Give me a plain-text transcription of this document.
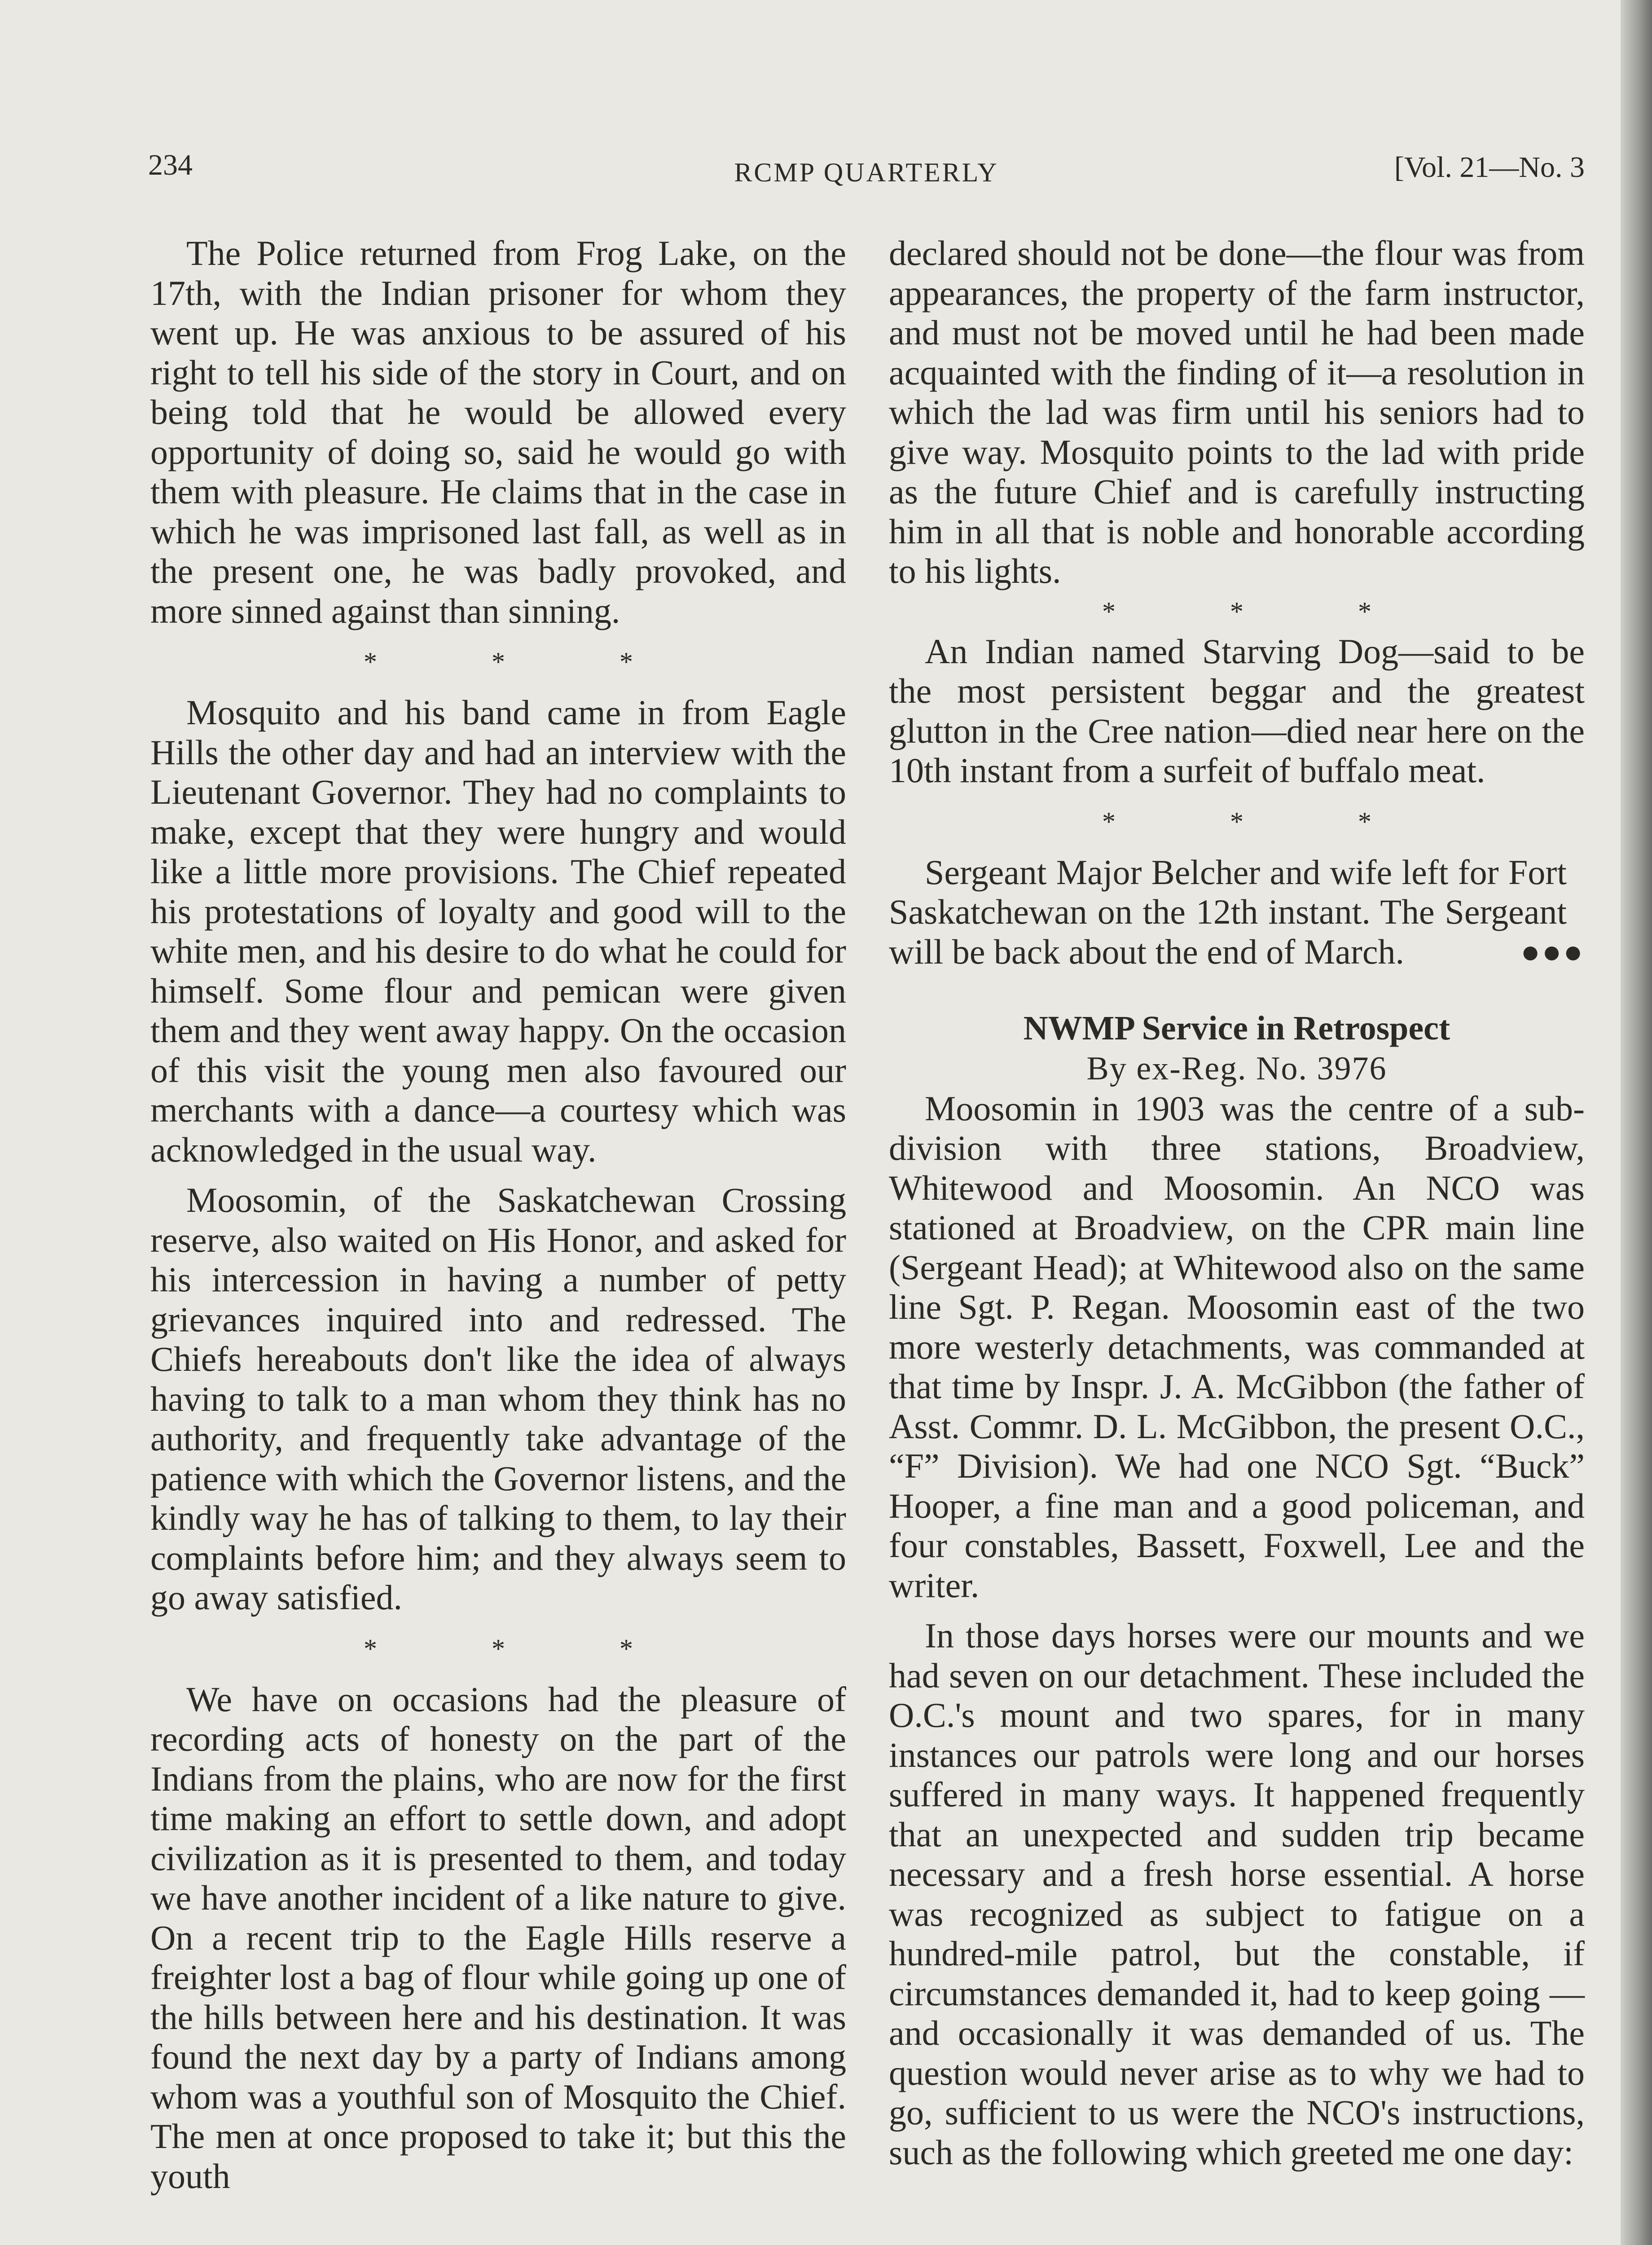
234	RCMP QUARTERLY	[Vol. 21—No. 3

The Police returned from Frog Lake, on the 17th, with the Indian prisoner for whom they went up. He was anxious to be assured of his right to tell his side of the story in Court, and on being told that he would be allowed every opportunity of doing so, said he would go with them with pleasure. He claims that in the case in which he was imprisoned last fall, as well as in the present one, he was badly provoked, and more sinned against than sinning.

* * *

Mosquito and his band came in from Eagle Hills the other day and had an interview with the Lieutenant Governor. They had no complaints to make, except that they were hungry and would like a little more provisions. The Chief repeated his protestations of loyalty and good will to the white men, and his desire to do what he could for himself. Some flour and pemican were given them and they went away happy. On the occasion of this visit the young men also favoured our merchants with a dance—a courtesy which was acknowledged in the usual way.

Moosomin, of the Saskatchewan Crossing reserve, also waited on His Honor, and asked for his intercession in having a number of petty grievances inquired into and redressed. The Chiefs hereabouts don't like the idea of always having to talk to a man whom they think has no authority, and frequently take advantage of the patience with which the Governor listens, and the kindly way he has of talking to them, to lay their complaints before him; and they always seem to go away satisfied.

* * *

We have on occasions had the pleasure of recording acts of honesty on the part of the Indians from the plains, who are now for the first time making an effort to settle down, and adopt civilization as it is presented to them, and today we have another incident of a like nature to give. On a recent trip to the Eagle Hills reserve a freighter lost a bag of flour while going up one of the hills between here and his destination. It was found the next day by a party of Indians among whom was a youthful son of Mosquito the Chief. The men at once proposed to take it; but this the youth

declared should not be done—the flour was from appearances, the property of the farm instructor, and must not be moved until he had been made acquainted with the finding of it—a resolution in which the lad was firm until his seniors had to give way. Mosquito points to the lad with pride as the future Chief and is carefully instructing him in all that is noble and honorable according to his lights.

* * *

An Indian named Starving Dog—said to be the most persistent beggar and the greatest glutton in the Cree nation—died near here on the 10th instant from a surfeit of buffalo meat.

* * *

Sergeant Major Belcher and wife left for Fort Saskatchewan on the 12th instant. The Sergeant will be back about the end of March.	●●●
NWMP Service in Retrospect
By ex-Reg. No. 3976

Moosomin in 1903 was the centre of a sub-division with three stations, Broadview, Whitewood and Moosomin. An NCO was stationed at Broadview, on the CPR main line (Sergeant Head); at Whitewood also on the same line Sgt. P. Regan. Moosomin east of the two more westerly detachments, was commanded at that time by Inspr. J. A. McGibbon (the father of Asst. Commr. D. L. McGibbon, the present O.C., “F” Division). We had one NCO Sgt. “Buck” Hooper, a fine man and a good policeman, and four constables, Bassett, Foxwell, Lee and the writer.

In those days horses were our mounts and we had seven on our detachment. These included the O.C.'s mount and two spares, for in many instances our patrols were long and our horses suffered in many ways. It happened frequently that an unexpected and sudden trip became necessary and a fresh horse essential. A horse was recognized as subject to fatigue on a hundred-mile patrol, but the constable, if circumstances demanded it, had to keep going —and occasionally it was demanded of us. The question would never arise as to why we had to go, sufficient to us were the NCO's instructions, such as the following which greeted me one day:
